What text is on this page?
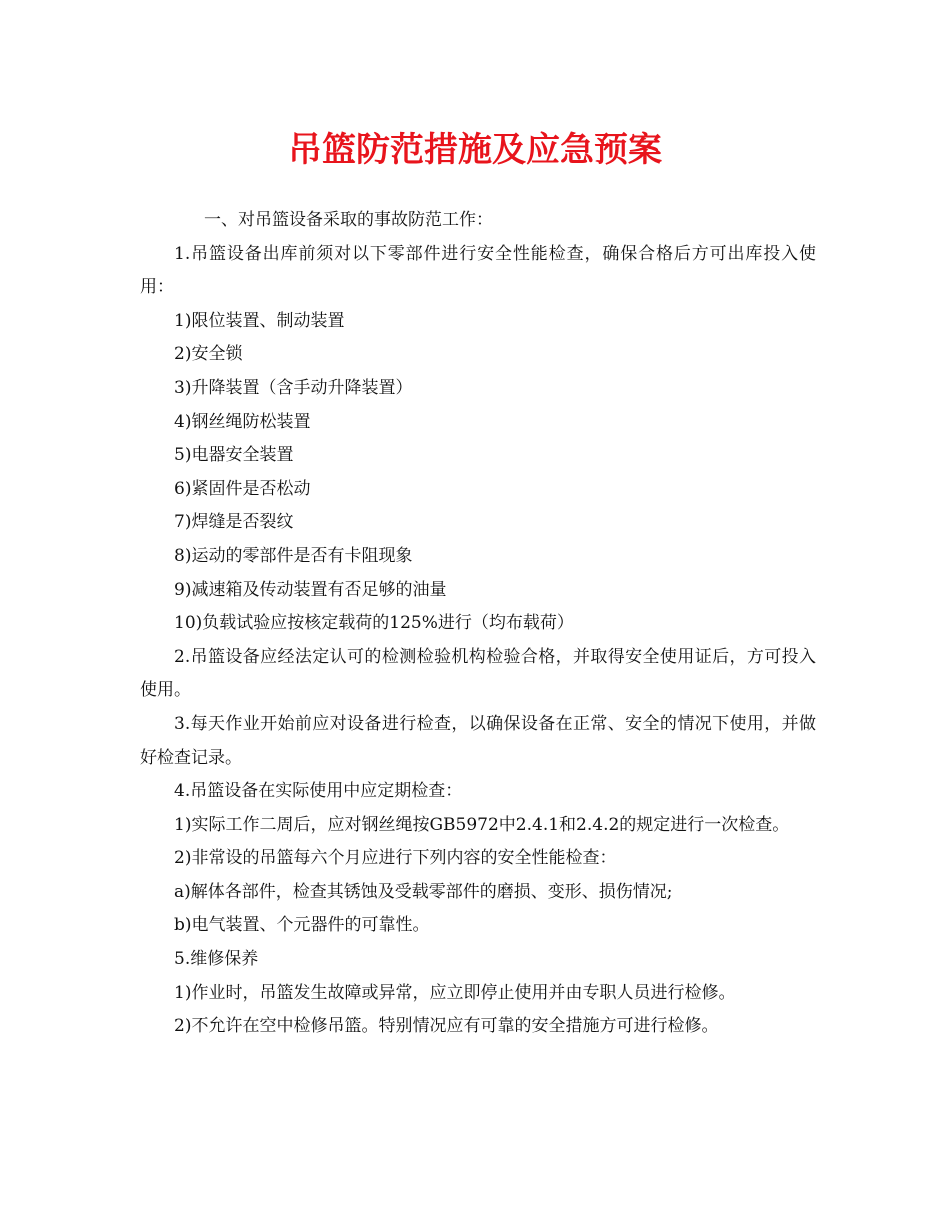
吊篮防范措施及应急预案

一、对吊篮设备采取的事故防范工作：

1.吊篮设备出库前须对以下零部件进行安全性能检查，确保合格后方可出库投入使用：

1)限位装置、制动装置

2)安全锁

3)升降装置（含手动升降装置）

4)钢丝绳防松装置

5)电器安全装置

6)紧固件是否松动

7)焊缝是否裂纹

8)运动的零部件是否有卡阻现象

9)减速箱及传动装置有否足够的油量

10)负载试验应按核定载荷的125%进行（均布载荷）

2.吊篮设备应经法定认可的检测检验机构检验合格，并取得安全使用证后，方可投入使用。

3.每天作业开始前应对设备进行检查，以确保设备在正常、安全的情况下使用，并做好检查记录。

4.吊篮设备在实际使用中应定期检查：

1)实际工作二周后，应对钢丝绳按GB5972中2.4.1和2.4.2的规定进行一次检查。

2)非常设的吊篮每六个月应进行下列内容的安全性能检查：

a)解体各部件，检查其锈蚀及受载零部件的磨损、变形、损伤情况;

b)电气装置、个元器件的可靠性。

5.维修保养

1)作业时，吊篮发生故障或异常，应立即停止使用并由专职人员进行检修。

2)不允许在空中检修吊篮。特别情况应有可靠的安全措施方可进行检修。
